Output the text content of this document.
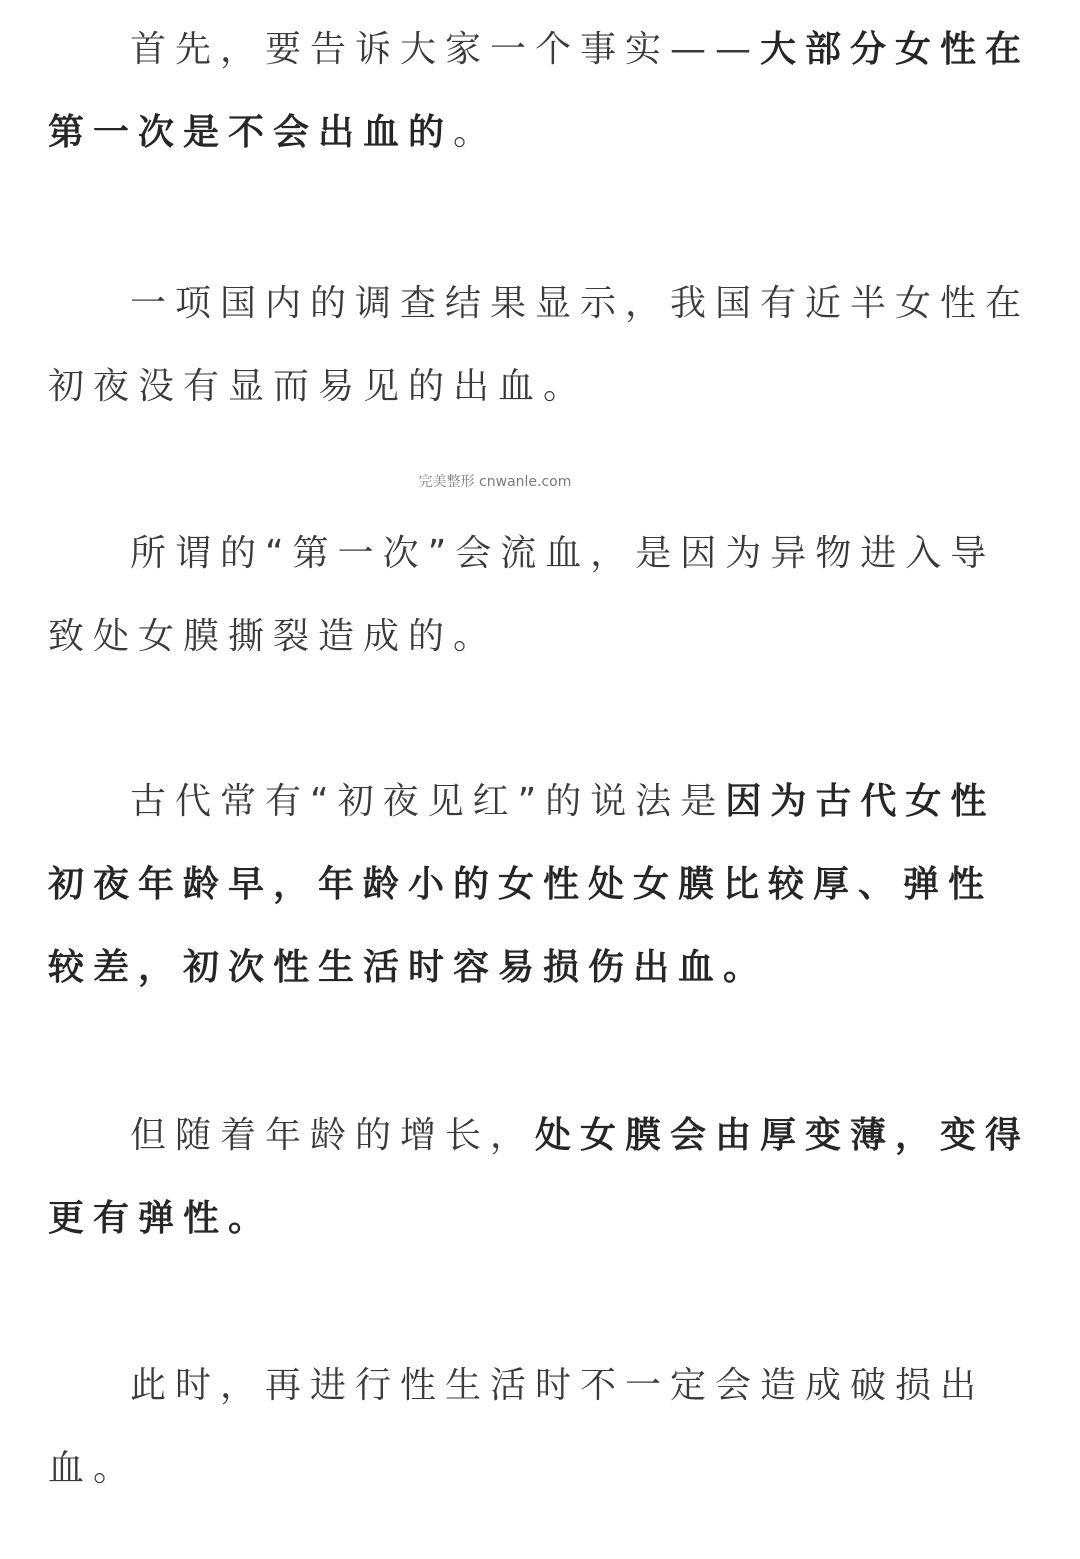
首先，要告诉大家一个事实——大部分女性在第一次是不会出血的。

一项国内的调查结果显示，我国有近半女性在初夜没有显而易见的出血。

完美整形 cnwanle.com

所谓的“第一次”会流血，是因为异物进入导致处女膜撕裂造成的。

古代常有“初夜见红”的说法是因为古代女性初夜年龄早，年龄小的女性处女膜比较厚、弹性较差，初次性生活时容易损伤出血。

但随着年龄的增长，处女膜会由厚变薄，变得更有弹性。

此时，再进行性生活时不一定会造成破损出血。
